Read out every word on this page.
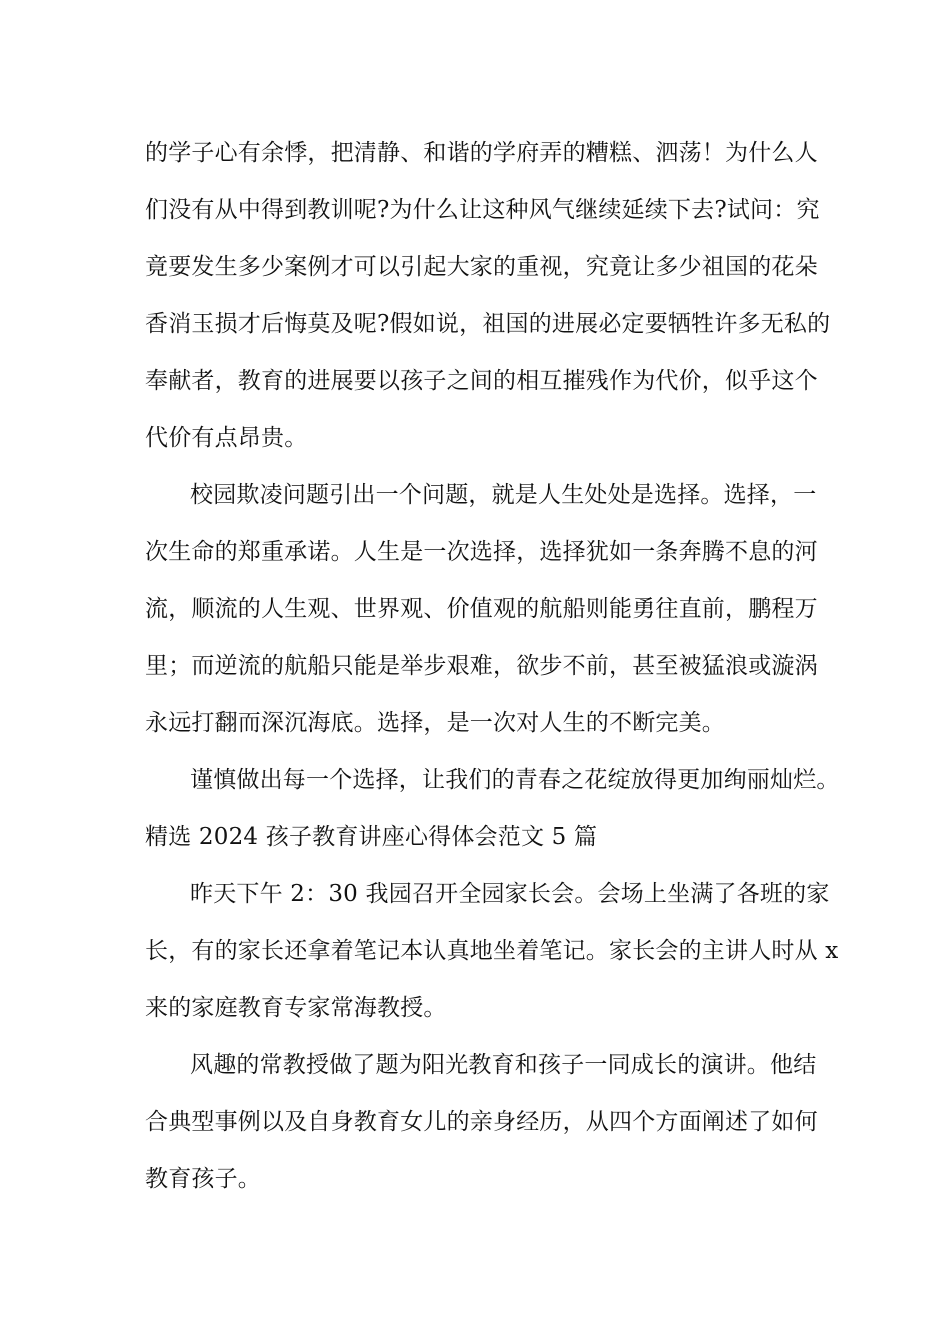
的学子心有余悸，把清静、和谐的学府弄的糟糕、泗荡！为什么人
们没有从中得到教训呢?为什么让这种风气继续延续下去?试问：究
竟要发生多少案例才可以引起大家的重视，究竟让多少祖国的花朵
香消玉损才后悔莫及呢?假如说，祖国的进展必定要牺牲许多无私的
奉献者，教育的进展要以孩子之间的相互摧残作为代价，似乎这个
代价有点昂贵。
校园欺凌问题引出一个问题，就是人生处处是选择。选择，一
次生命的郑重承诺。人生是一次选择，选择犹如一条奔腾不息的河
流，顺流的人生观、世界观、价值观的航船则能勇往直前，鹏程万
里；而逆流的航船只能是举步艰难，欲步不前，甚至被猛浪或漩涡
永远打翻而深沉海底。选择，是一次对人生的不断完美。
谨慎做出每一个选择，让我们的青春之花绽放得更加绚丽灿烂。
精选 2024 孩子教育讲座心得体会范文 5 篇
昨天下午 2：30 我园召开全园家长会。会场上坐满了各班的家
长，有的家长还拿着笔记本认真地坐着笔记。家长会的主讲人时从 x
来的家庭教育专家常海教授。
风趣的常教授做了题为阳光教育和孩子一同成长的演讲。他结
合典型事例以及自身教育女儿的亲身经历，从四个方面阐述了如何
教育孩子。
